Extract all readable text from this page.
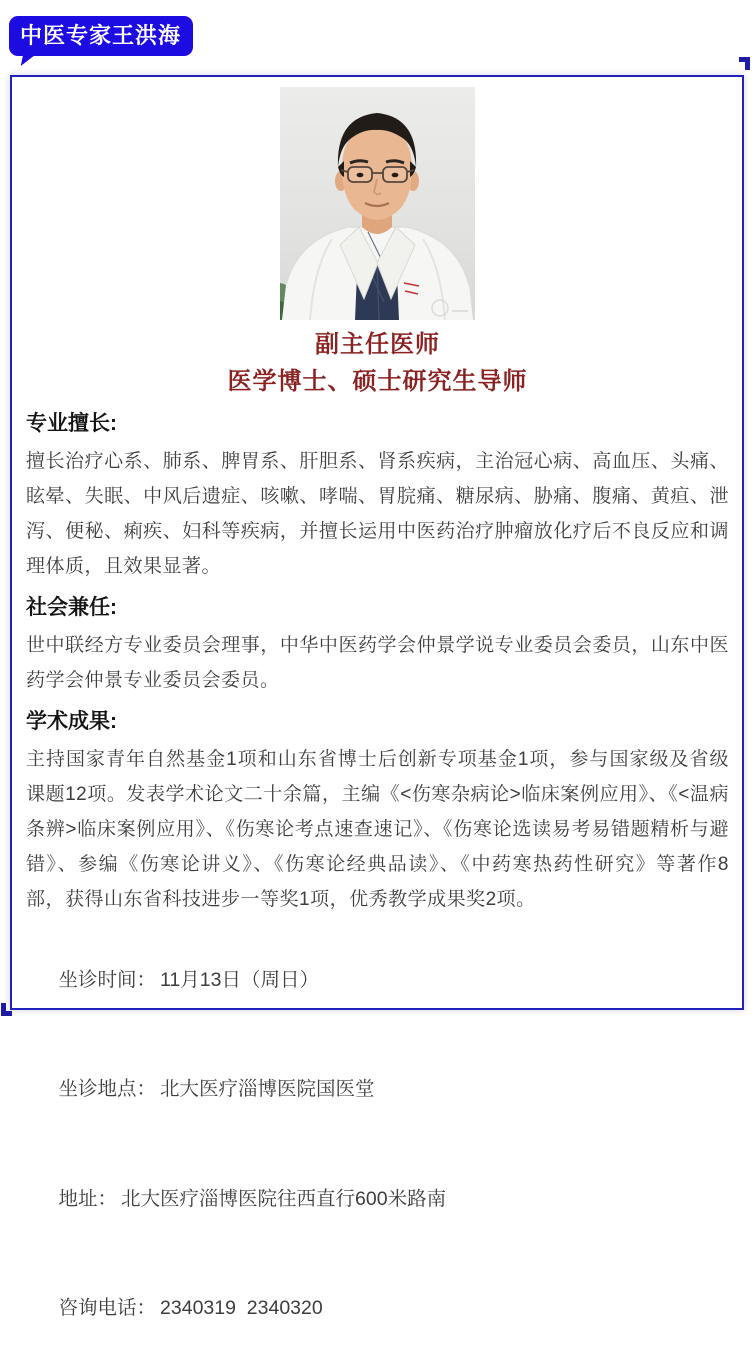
中医专家王洪海
副主任医师
医学博士、硕士研究生导师
专业擅长:
擅长治疗心系、肺系、脾胃系、肝胆系、肾系疾病，主治冠心病、高血压、头痛、眩晕、失眠、中风后遗症、咳嗽、哮喘、胃脘痛、糖尿病、胁痛、腹痛、黄疸、泄泻、便秘、痢疾、妇科等疾病，并擅长运用中医药治疗肿瘤放化疗后不良反应和调理体质，且效果显著。
社会兼任:
世中联经方专业委员会理事，中华中医药学会仲景学说专业委员会委员，山东中医药学会仲景专业委员会委员。
学术成果:
主持国家青年自然基金1项和山东省博士后创新专项基金1项，参与国家级及省级课题12项。发表学术论文二十余篇，主编《<伤寒杂病论>临床案例应用》、《<温病条辨>临床案例应用》、《伤寒论考点速查速记》、《伤寒论选读易考易错题精析与避错》、参编《伤寒论讲义》、《伤寒论经典品读》、《中药寒热药性研究》等著作8部，获得山东省科技进步一等奖1项，优秀教学成果奖2项。

坐诊时间： 11月13日（周日）

坐诊地点： 北大医疗淄博医院国医堂

地址： 北大医疗淄博医院往西直行600米路南

咨询电话： 2340319  2340320
